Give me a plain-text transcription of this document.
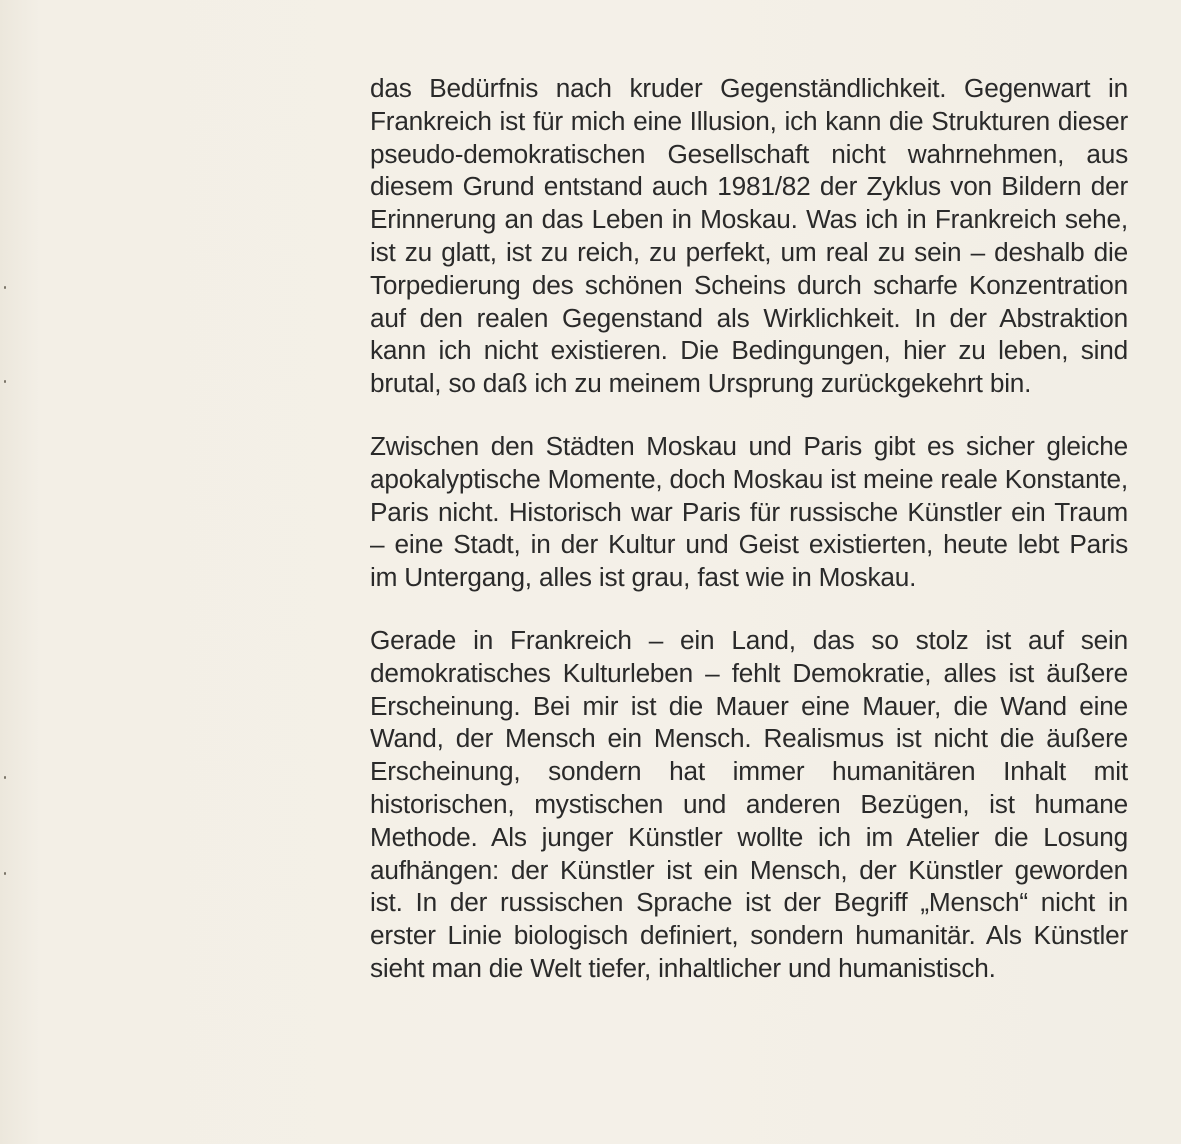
das Bedürfnis nach kruder Gegenständlichkeit. Gegenwart in Frankreich ist für mich eine Illusion, ich kann die Strukturen dieser pseudo-demokratischen Gesellschaft nicht wahrnehmen, aus diesem Grund entstand auch 1981/82 der Zyklus von Bildern der Erinnerung an das Leben in Moskau. Was ich in Frankreich sehe, ist zu glatt, ist zu reich, zu perfekt, um real zu sein – deshalb die Torpedierung des schönen Scheins durch scharfe Konzentration auf den realen Gegenstand als Wirklichkeit. In der Abstraktion kann ich nicht existieren. Die Bedingungen, hier zu leben, sind brutal, so daß ich zu meinem Ursprung zurückgekehrt bin.

Zwischen den Städten Moskau und Paris gibt es sicher gleiche apokalyptische Momente, doch Moskau ist meine reale Konstante, Paris nicht. Historisch war Paris für russische Künstler ein Traum – eine Stadt, in der Kultur und Geist existierten, heute lebt Paris im Untergang, alles ist grau, fast wie in Moskau.

Gerade in Frankreich – ein Land, das so stolz ist auf sein demokratisches Kulturleben – fehlt Demokratie, alles ist äußere Erscheinung. Bei mir ist die Mauer eine Mauer, die Wand eine Wand, der Mensch ein Mensch. Realismus ist nicht die äußere Erscheinung, sondern hat immer humanitären Inhalt mit historischen, mystischen und anderen Bezügen, ist humane Methode. Als junger Künstler wollte ich im Atelier die Losung aufhängen: der Künstler ist ein Mensch, der Künstler geworden ist. In der russischen Sprache ist der Begriff „Mensch“ nicht in erster Linie biologisch definiert, sondern humanitär. Als Künstler sieht man die Welt tiefer, inhaltlicher und humanistisch.
